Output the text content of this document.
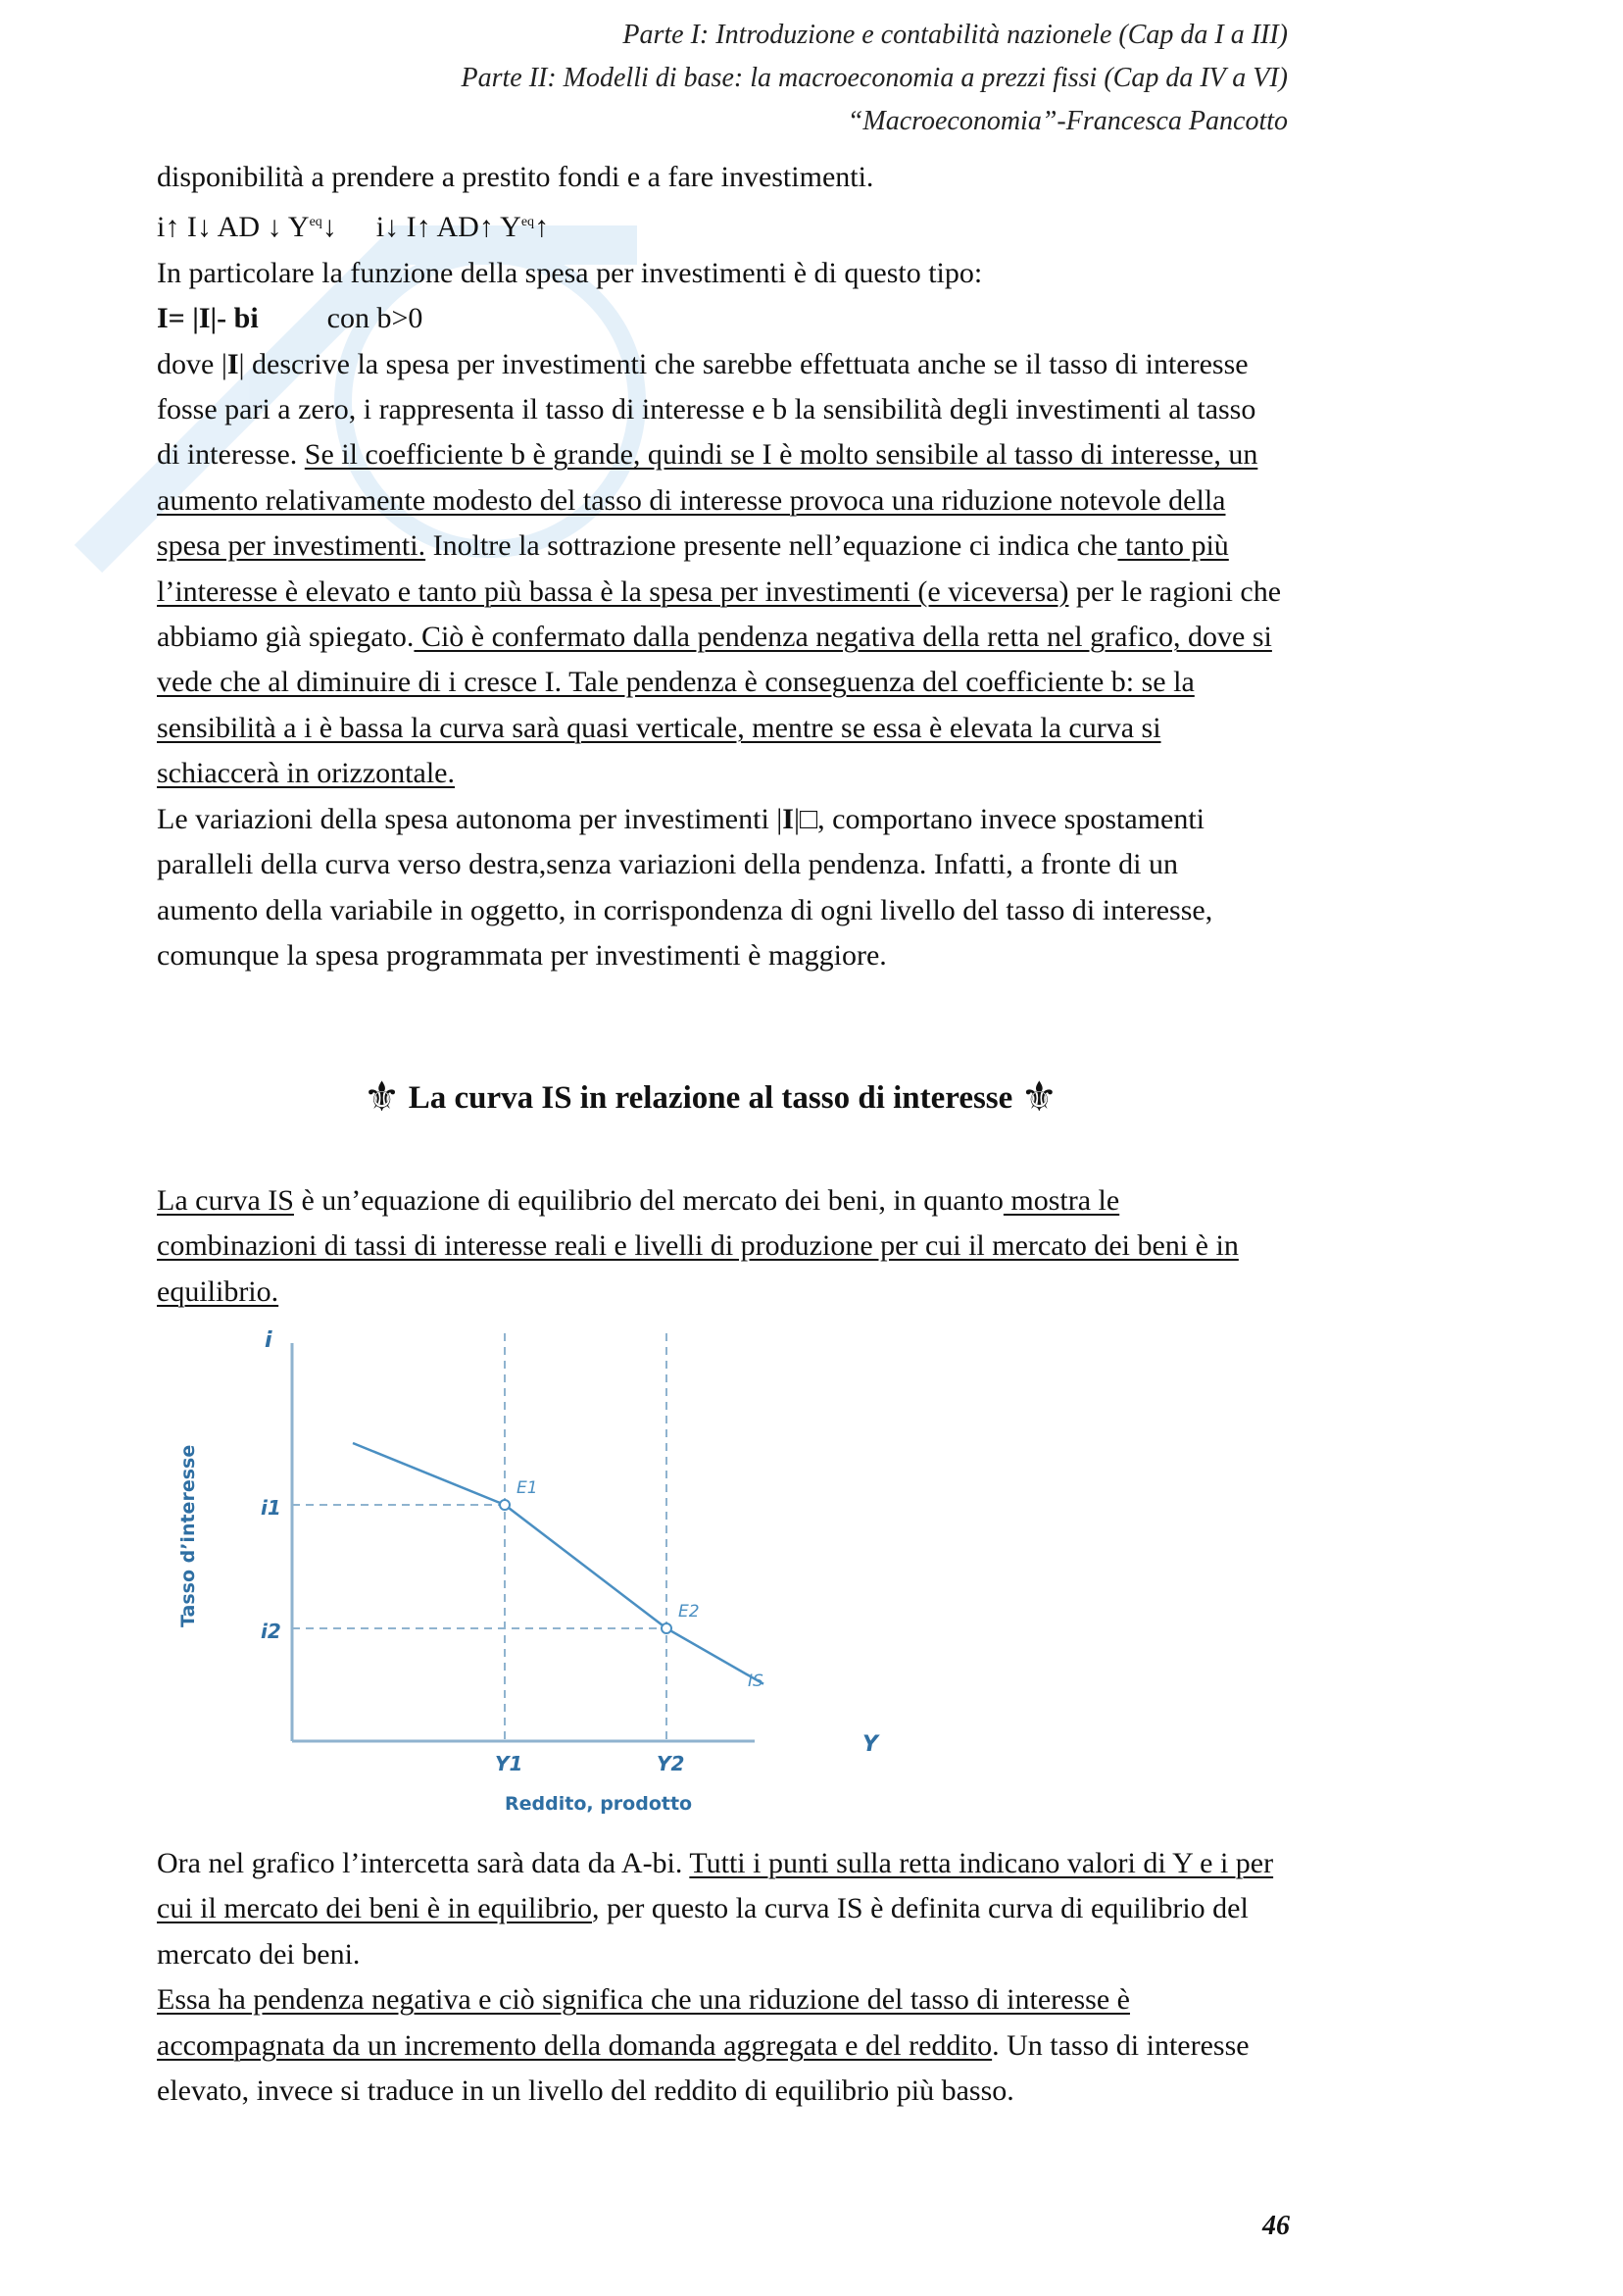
Parte I: Introduzione e contabilità nazionele (Cap da I a III)
Parte II: Modelli di base: la macroeconomia a prezzi fissi (Cap da IV a VI)
“Macroeconomia”-Francesca Pancotto

disponibilità a prendere a prestito fondi e a fare investimenti.

i↑ I↓ AD ↓ $Y^{eq}↓$ i↓ I↑ AD↑ $Y^{eq}↑$

In particolare la funzione della spesa per investimenti è di questo tipo:

I= |I|- bi con b>0

dove |I| descrive la spesa per investimenti che sarebbe effettuata anche se il tasso di interesse fosse pari a zero, i rappresenta il tasso di interesse e b la sensibilità degli investimenti al tasso di interesse. Se il coefficiente b è grande, quindi se I è molto sensibile al tasso di interesse, un aumento relativamente modesto del tasso di interesse provoca una riduzione notevole della spesa per investimenti. Inoltre la sottrazione presente nell’equazione ci indica che tanto più l’interesse è elevato e tanto più bassa è la spesa per investimenti (e viceversa) per le ragioni che abbiamo già spiegato. Ciò è confermato dalla pendenza negativa della retta nel grafico, dove si vede che al diminuire di i cresce I. Tale pendenza è conseguenza del coefficiente b: se la sensibilità a i è bassa la curva sarà quasi verticale, mentre se essa è elevata la curva si schiaccerà in orizzontale.

Le variazioni della spesa autonoma per investimenti |I|□, comportano invece spostamenti paralleli della curva verso destra,senza variazioni della pendenza. Infatti, a fronte di un aumento della variabile in oggetto, in corrispondenza di ogni livello del tasso di interesse, comunque la spesa programmata per investimenti è maggiore.

⚜ La curva IS in relazione al tasso di interesse ⚜

La curva IS è un’equazione di equilibrio del mercato dei beni, in quanto mostra le combinazioni di tassi di interesse reali e livelli di produzione per cui il mercato dei beni è in equilibrio.

E1
E2
IS
i1
i2
Y1	Y2
i
Y
Reddito, prodotto
Tasso d’interesse

Ora nel grafico l’intercetta sarà data da A-bi. Tutti i punti sulla retta indicano valori di Y e i per cui il mercato dei beni è in equilibrio, per questo la curva IS è definita curva di equilibrio del mercato dei beni.

Essa ha pendenza negativa e ciò significa che una riduzione del tasso di interesse è accompagnata da un incremento della domanda aggregata e del reddito. Un tasso di interesse elevato, invece si traduce in un livello del reddito di equilibrio più basso.

46
